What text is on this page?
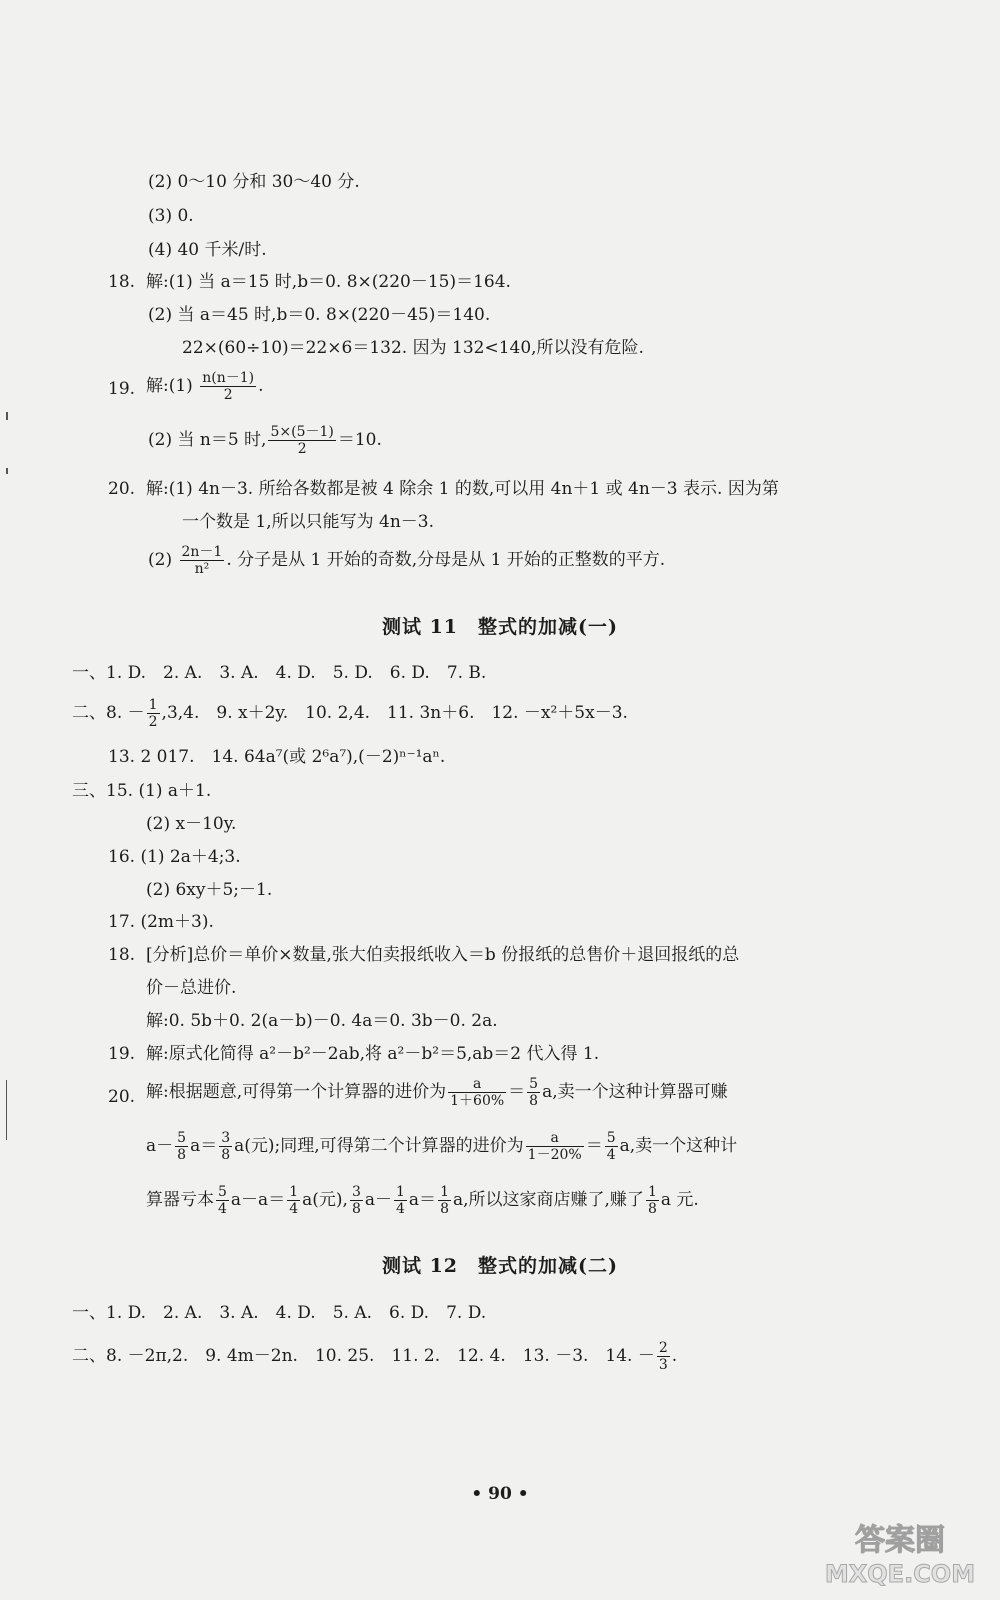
(2) 0～10 分和 30～40 分.
(3) 0.
(4) 40 千米/时.
18. 解:(1) 当 a＝15 时,b＝0. 8×(220－15)＝164.
(2) 当 a＝45 时,b＝0. 8×(220－45)＝140.
22×(60÷10)＝22×6＝132. 因为 132<140,所以没有危险.
19. 解:(1) $\frac{n(n-1)}{2}$ .
(2) 当 n＝5 时, $\frac{5\times(5-1)}{2} =10$.
20. 解:(1) 4n－3. 所给各数都是被 4 除余 1 的数,可以用 4n＋1 或 4n－3 表示. 因为第
一个数是 1,所以只能写为 4n－3.
$(2) \frac{2n-1}{\text{n²}}$ . 分子是从 1 开始的奇数,分母是从 1 开始的正整数的平方.
测试 11　整式的加减(一)
一、1. D.　2. A.　3. A.　4. D.　5. D.　6. D.　7. B.
二、8. － $\frac{1}{2} ,3,4$.　9. x＋2y.　10. 2,4.　11. 3n＋6.　12. －x²＋5x－3.
13. 2 017.　14. 64a⁷(或 2⁶a⁷),(－2)ⁿ⁻¹aⁿ.
三、15. (1) a＋1.
(2) x－10y.
16. (1) 2a＋4;3.
(2) 6xy＋5;－1.
17. (2m＋3).
18. [分析]总价＝单价×数量,张大伯卖报纸收入＝b 份报纸的总售价＋退回报纸的总
价－总进价.
解:0. 5b＋0. 2(a－b)－0. 4a＝0. 3b－0. 2a.
19. 解:原式化简得 a²－b²－2ab,将 a²－b²＝5,ab＝2 代入得 1.
20. 解:根据题意,可得第一个计算器的进价为 $\frac{a}{1+60\%} = \frac{5}{8} a$,卖一个这种计算器可赚
$a- \frac{5}{8} a= \frac{3}{8} a$(元);同理,可得第二个计算器的进价为 $\frac{a}{1-20\%} = \frac{5}{4} a$,卖一个这种计
算器亏本 $\frac{5}{4} a-a= \frac{1}{4} a$(元), $\frac{3}{8} a- \frac{1}{4} a= \frac{1}{8} a$,所以这家商店赚了,赚了 $\frac{1}{8}$ a 元.
测试 12　整式的加减(二)
一、1. D.　2. A.　3. A.　4. D.　5. A.　6. D.　7. D.
二、8. －2π,2.　9. 4m－2n.　10. 25.　11. 2.　12. 4.　13. －3.　14. － $\frac{2}{3}$ .
• 90 •
答案圈
MXQE.COM
